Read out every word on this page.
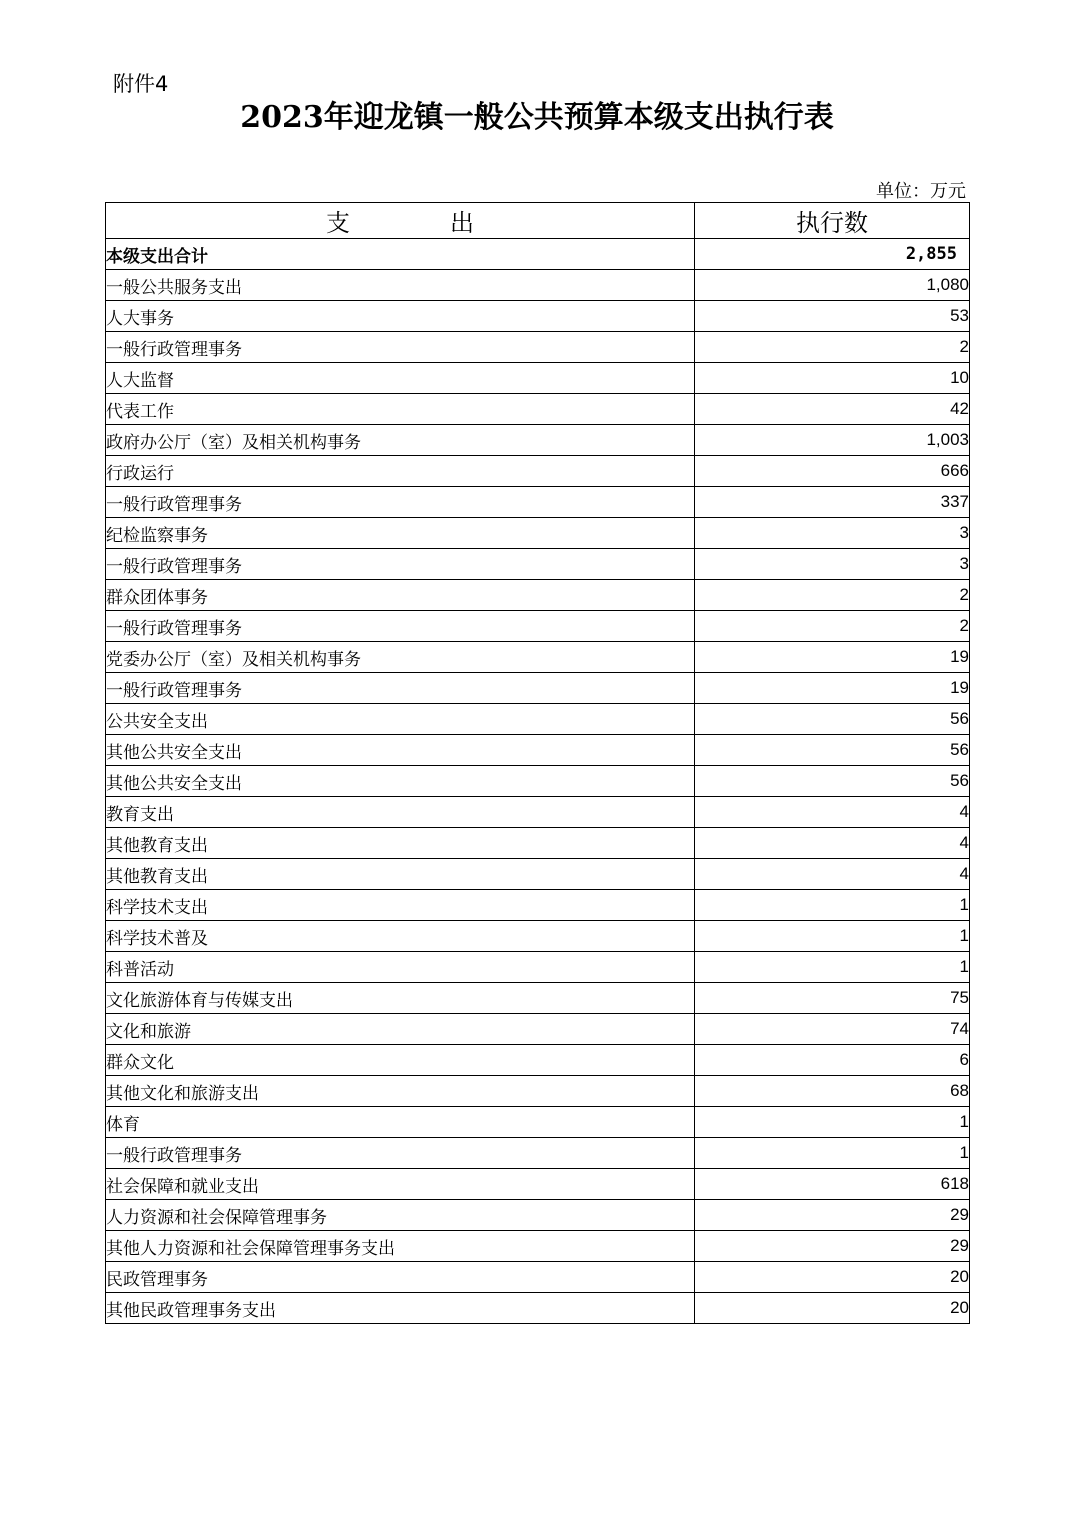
附件4
2023年迎龙镇一般公共预算本级支出执行表
单位：万元
支 出	执行数
本级支出合计	2,855
一般公共服务支出	1,080
人大事务	53
一般行政管理事务	2
人大监督	10
代表工作	42
政府办公厅（室）及相关机构事务	1,003
行政运行	666
一般行政管理事务	337
纪检监察事务	3
一般行政管理事务	3
群众团体事务	2
一般行政管理事务	2
党委办公厅（室）及相关机构事务	19
一般行政管理事务	19
公共安全支出	56
其他公共安全支出	56
其他公共安全支出	56
教育支出	4
其他教育支出	4
其他教育支出	4
科学技术支出	1
科学技术普及	1
科普活动	1
文化旅游体育与传媒支出	75
文化和旅游	74
群众文化	6
其他文化和旅游支出	68
体育	1
一般行政管理事务	1
社会保障和就业支出	618
人力资源和社会保障管理事务	29
其他人力资源和社会保障管理事务支出	29
民政管理事务	20
其他民政管理事务支出	20
